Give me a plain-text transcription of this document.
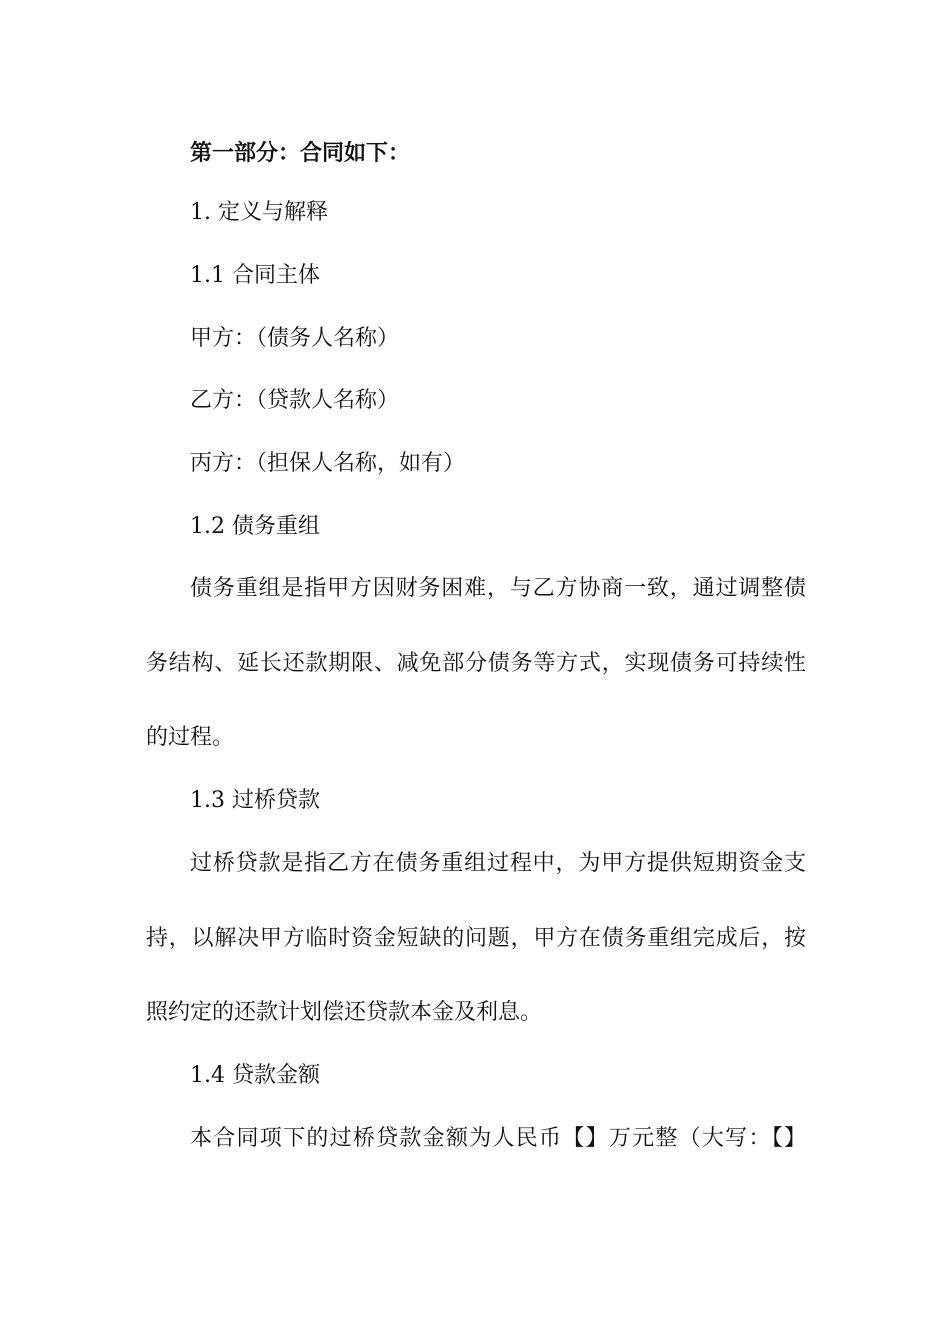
第一部分：合同如下：
1. 定义与解释
1.1 合同主体
甲方：（债务人名称）
乙方：（贷款人名称）
丙方：（担保人名称，如有）
1.2 债务重组
债务重组是指甲方因财务困难，与乙方协商一致，通过调整债
务结构、延长还款期限、减免部分债务等方式，实现债务可持续性
的过程。
1.3 过桥贷款
过桥贷款是指乙方在债务重组过程中，为甲方提供短期资金支
持，以解决甲方临时资金短缺的问题，甲方在债务重组完成后，按
照约定的还款计划偿还贷款本金及利息。
1.4 贷款金额
本合同项下的过桥贷款金额为人民币【】万元整（大写：【】
